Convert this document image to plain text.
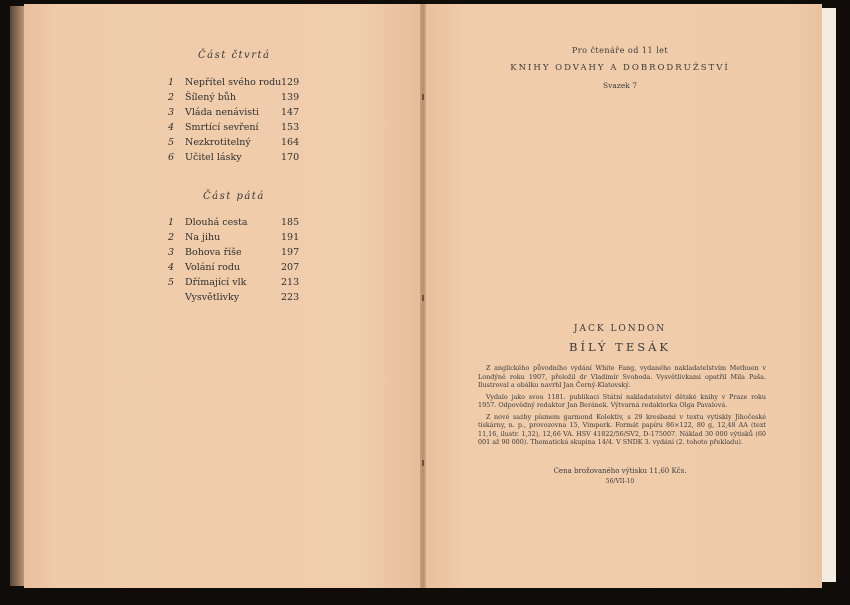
Část čtvrtá
1 Nepřítel svého rodu 129
2 Šílený bůh	139
3 Vláda nenávisti 147
4 Smrtící sevření 153
5 Nezkrotitelný	164
6 Učitel lásky	170
Část pátá
1 Dlouhá cesta	185
2 Na jihu	191
3 Bohova říše	197
4 Volání rodu	207
5 Dřímající vlk	213
Vysvětlivky	223
Pro čtenáře od 11 let
KNIHY ODVAHY A DOBRODRUŽSTVÍ
Svazek 7
JACK LONDON
BÍLÝ TESÁK

Z anglického původního vydání White Fang, vydaného nakladatelstvím Methuen v Londýně roku 1907, přeložil dr Vladimír Svoboda. Vysvětlivkami opatřil Mila Paša. Ilustroval a obálku navrhl Jan Černý-Klatovský.

Vydalo jako svou 1181. publikaci Státní nakladatelství dětské knihy v Praze roku 1957. Odpovědný redaktor Jan Beránek. Výtvarná redaktorka Olga Pavalová.

Z nové sazby písmem garmond Kolektiv, s 29 kresbami v textu vytiskly Jihočeské tiskárny, n. p., provozovna 15, Vimperk. Formát papíru 86×122, 80 g, 12,48 AA (text 11,16, ilustr. 1,32), 12,66 VA. HSV 41822/56/SV2, D-175007. Náklad 30 000 výtisků (60 001 až 90 000). Thematická skupina 14/4. V SNDK 3. vydání (2. tohoto překladu).

Cena brožovaného výtisku 11,60 Kčs.
56/VII-10
